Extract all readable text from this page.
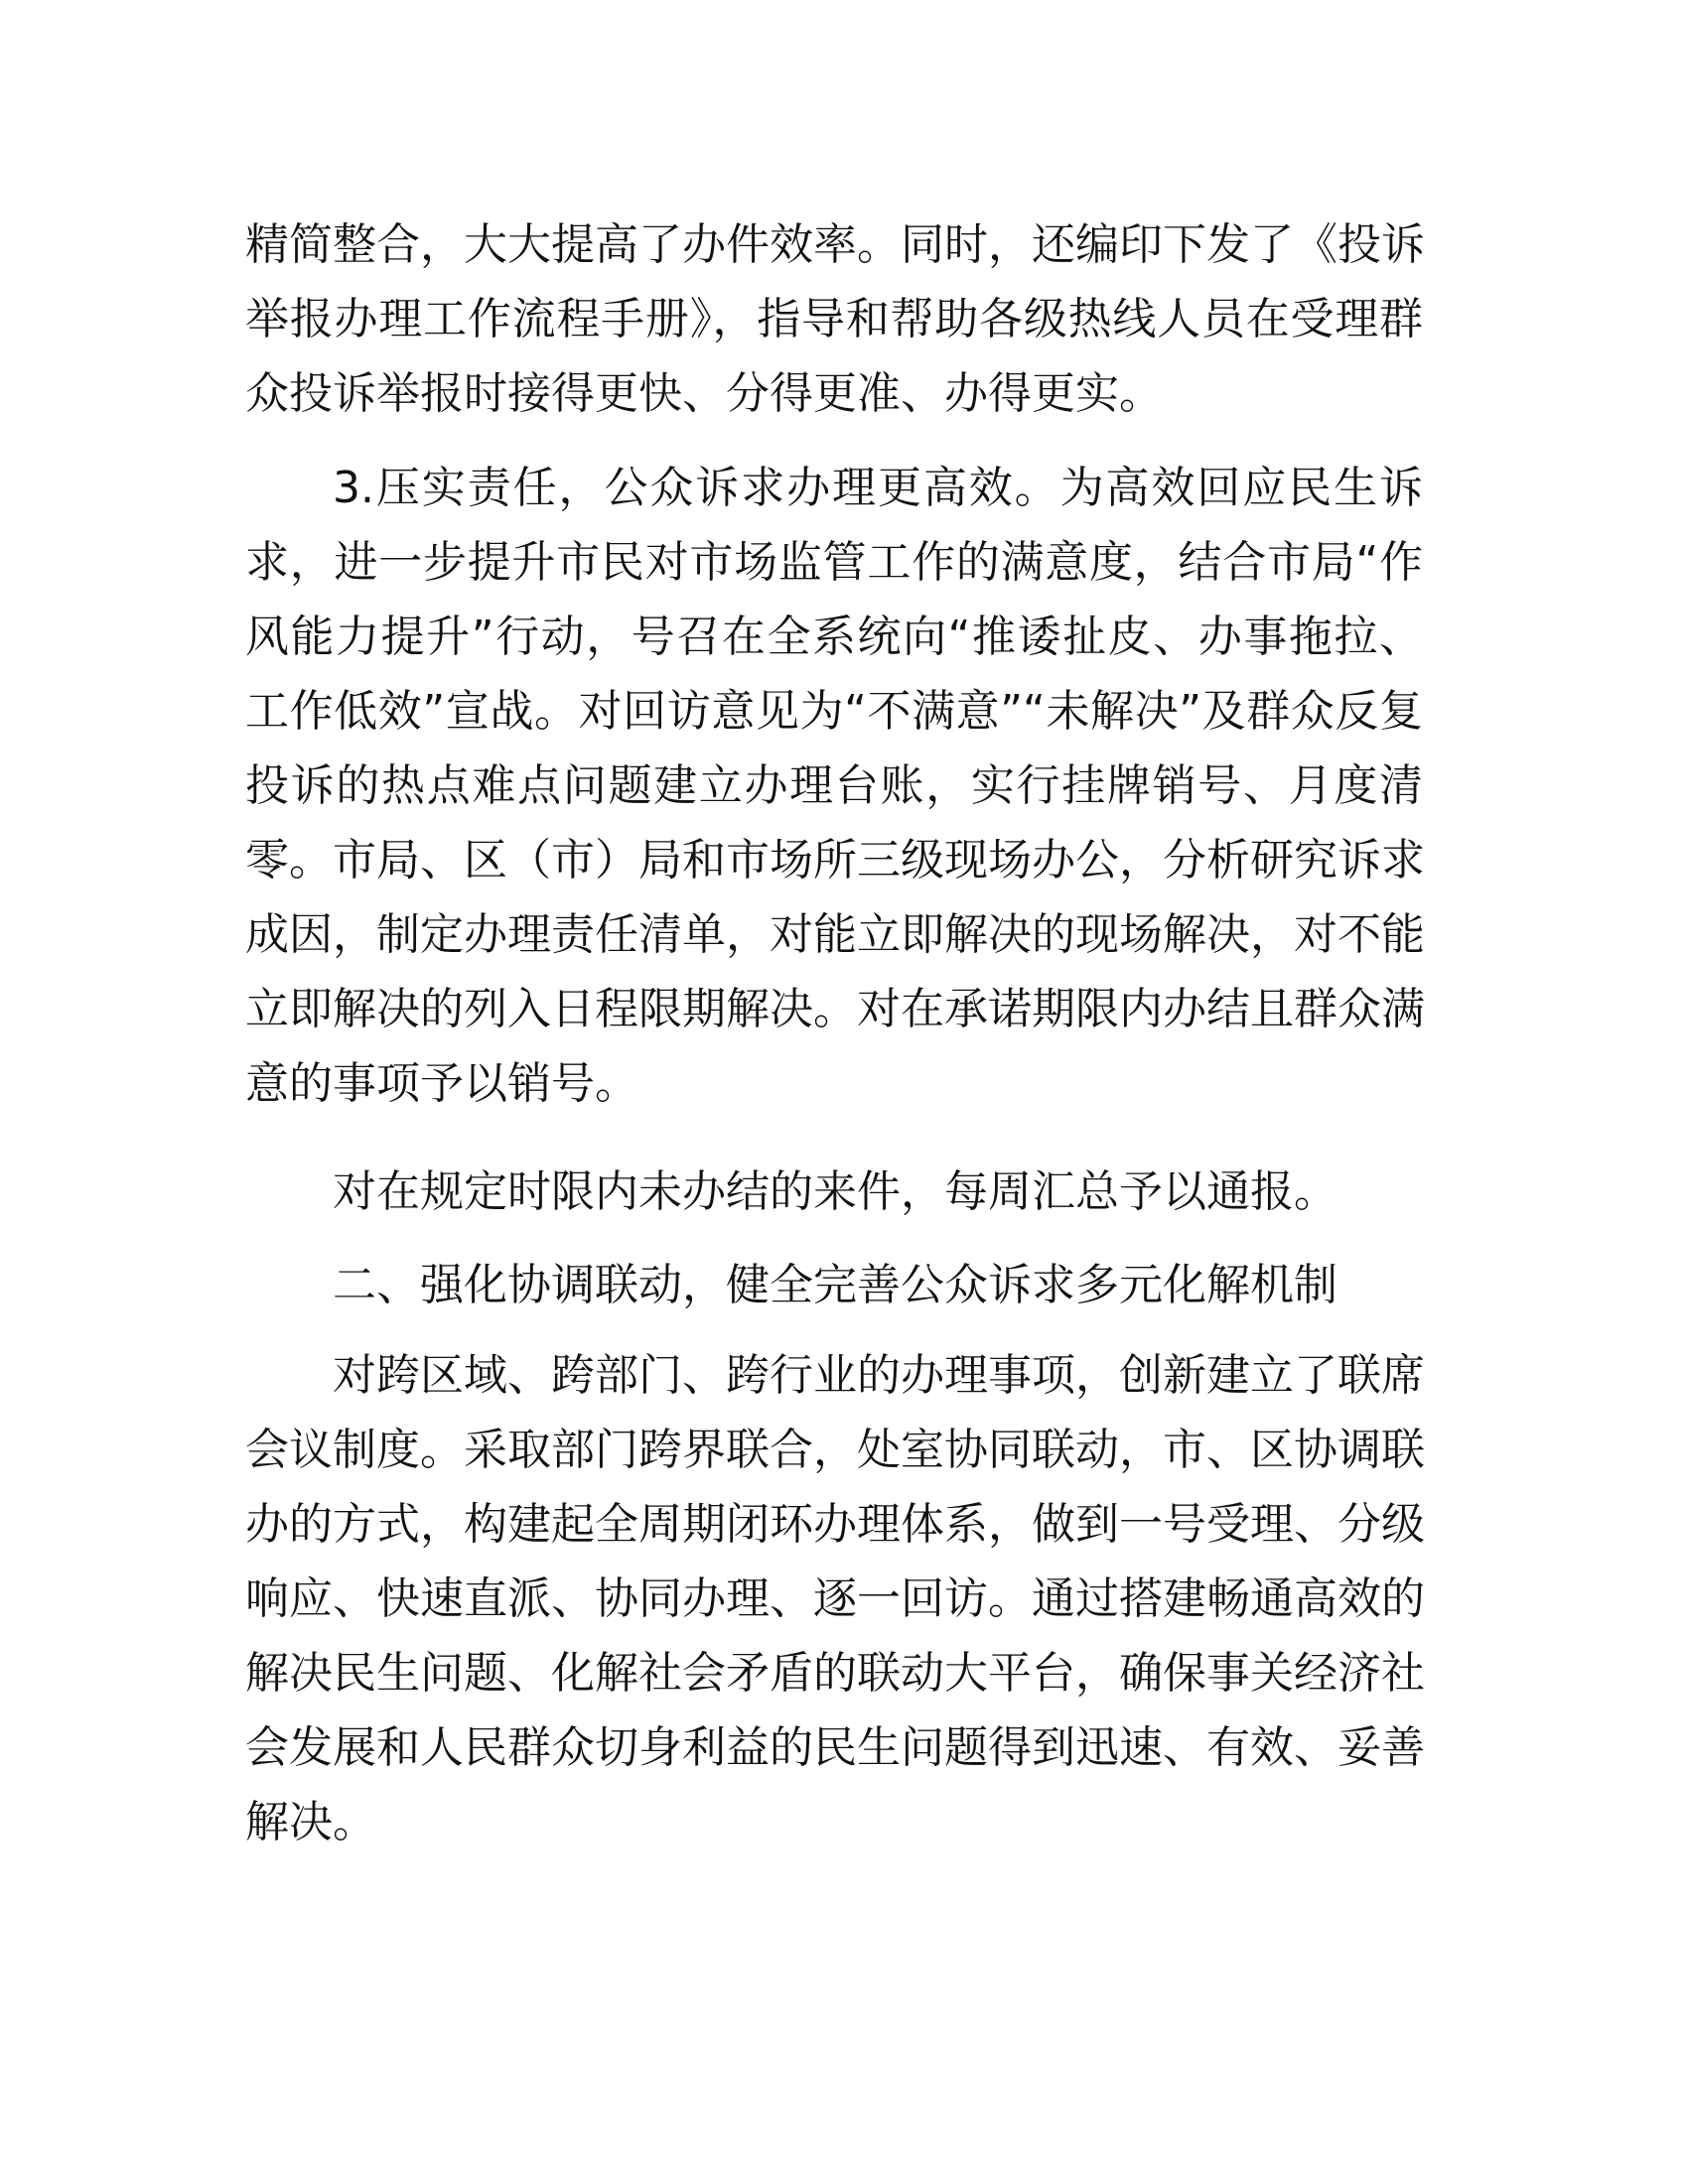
精简整合，大大提高了办件效率。同时，还编印下发了《投诉
举报办理工作流程手册》，指导和帮助各级热线人员在受理群
众投诉举报时接得更快、分得更准、办得更实。
3.压实责任，公众诉求办理更高效。为高效回应民生诉
求，进一步提升市民对市场监管工作的满意度，结合市局“作
风能力提升”行动，号召在全系统向“推诿扯皮、办事拖拉、
工作低效”宣战。对回访意见为“不满意”“未解决”及群众反复
投诉的热点难点问题建立办理台账，实行挂牌销号、月度清
零。市局、区（市）局和市场所三级现场办公，分析研究诉求
成因，制定办理责任清单，对能立即解决的现场解决，对不能
立即解决的列入日程限期解决。对在承诺期限内办结且群众满
意的事项予以销号。
对在规定时限内未办结的来件，每周汇总予以通报。
二、强化协调联动，健全完善公众诉求多元化解机制
对跨区域、跨部门、跨行业的办理事项，创新建立了联席
会议制度。采取部门跨界联合，处室协同联动，市、区协调联
办的方式，构建起全周期闭环办理体系，做到一号受理、分级
响应、快速直派、协同办理、逐一回访。通过搭建畅通高效的
解决民生问题、化解社会矛盾的联动大平台，确保事关经济社
会发展和人民群众切身利益的民生问题得到迅速、有效、妥善
解决。
